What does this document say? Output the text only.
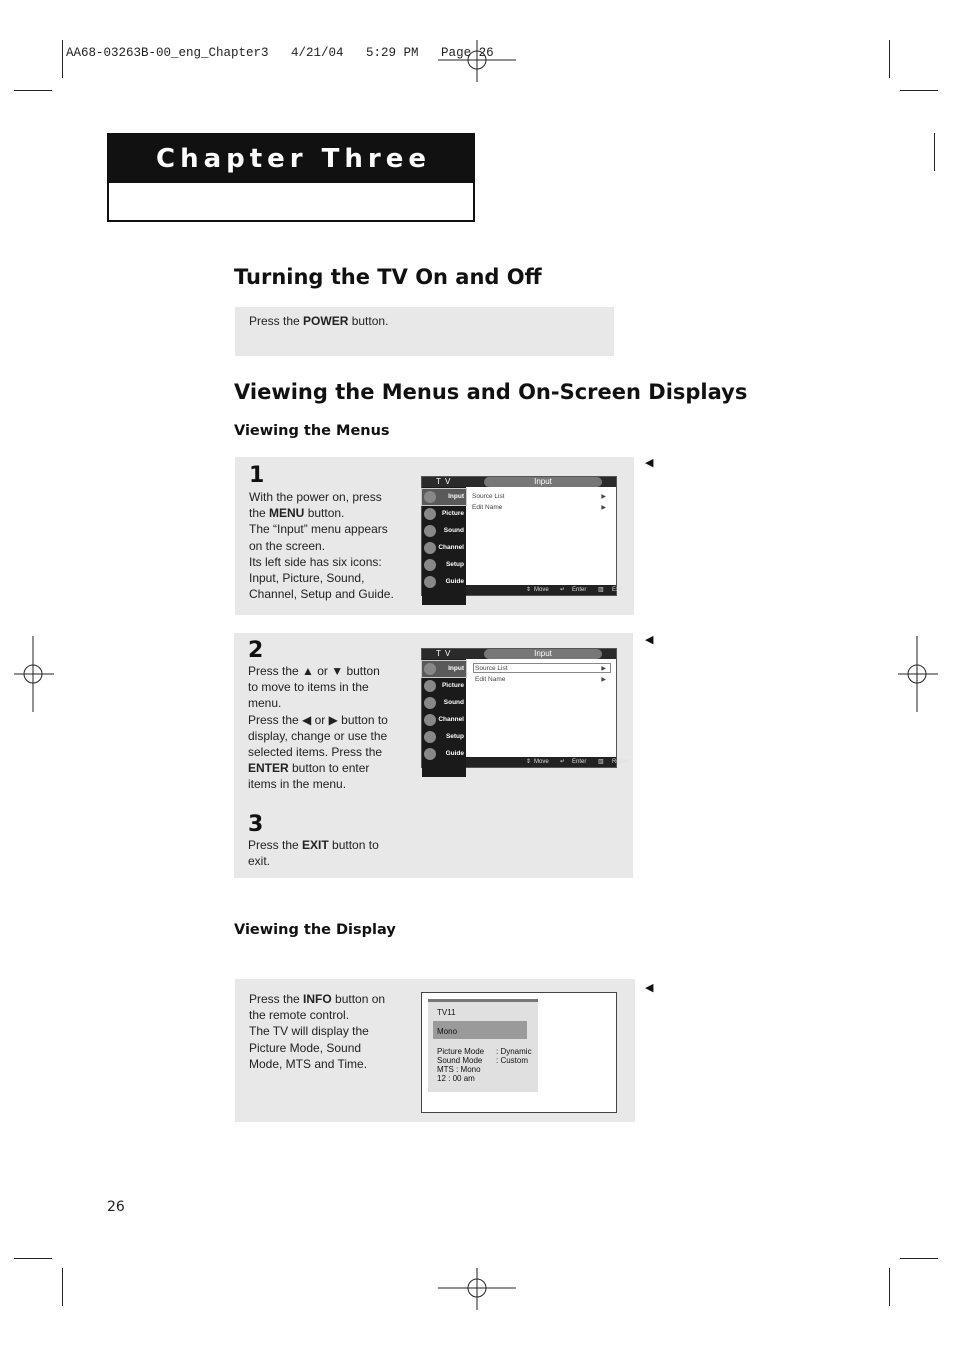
AA68-03263B-00_eng_Chapter3   4/21/04   5:29 PM   Page 26
Chapter Three
Turning the TV On and Off
Press the POWER button.
Viewing the Menus and On-Screen Displays
Viewing the Menus
1
With the power on, press
the MENU button.
The “Input” menu appears
on the screen.
Its left side has six icons:
Input, Picture, Sound,
Channel, Setup and Guide.
◀
T V	Input
Input
Picture
Sound
Channel
Setup
Guide
Source List	▶
Edit Name	▶
⇕ Move ↵ Enter ▥ Exit
2
Press the ▲ or ▼ button
to move to items in the
menu.
Press the ◀ or ▶ button to
display, change or use the
selected items. Press the
ENTER button to enter
items in the menu.
3
Press the EXIT button to
exit.
◀
T V	Input
Input
Picture
Sound
Channel
Setup
Guide
Source List	▶
Edit Name	▶
⇕ Move ↵ Enter ▥ Return
Viewing the Display
Press the INFO button on
the remote control.
The TV will display the
Picture Mode, Sound
Mode, MTS and Time.
◀
TV11
Mono
Picture Mode : Dynamic
Sound Mode : Custom
MTS : Mono
12 : 00 am
26
